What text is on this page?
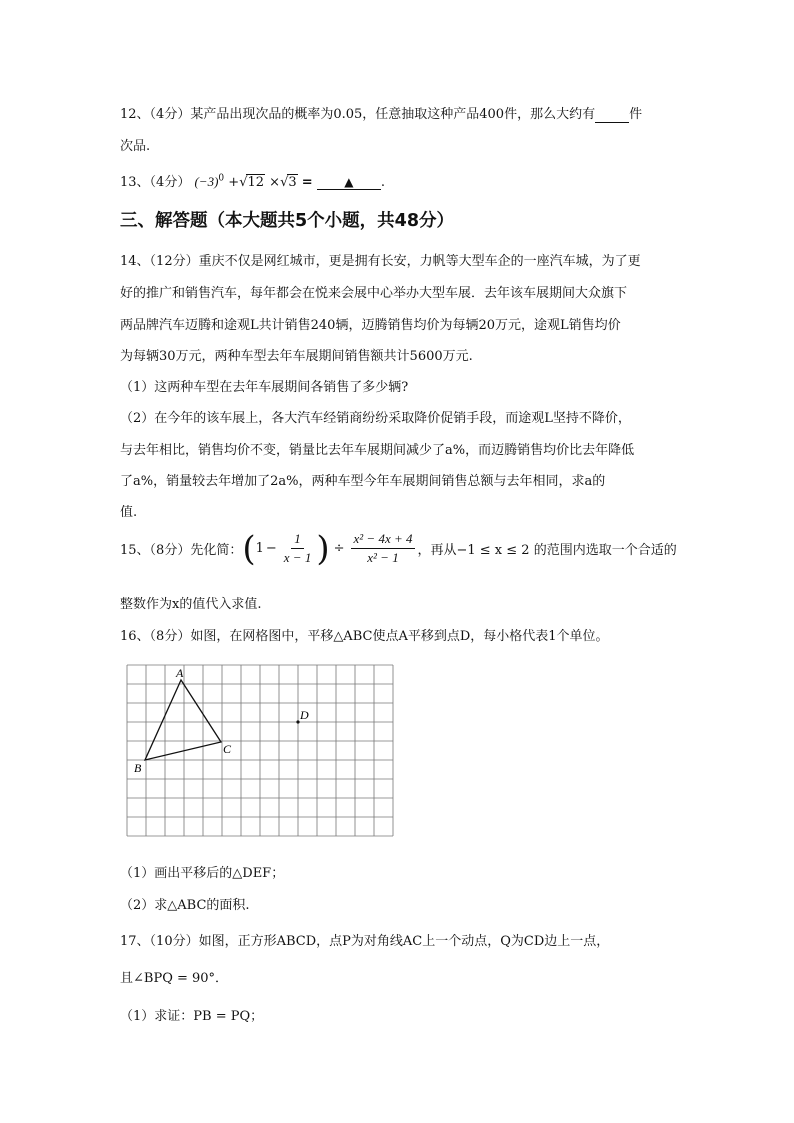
12、（4分）某产品出现次品的概率为0.05，任意抽取这种产品400件，那么大约有	件
次品.
13、（4分） $(-3)^0 +√12 \times√3$ =	▲ .
三、解答题（本大题共5个小题，共48分）
14、（12分）重庆不仅是网红城市，更是拥有长安，力帆等大型车企的一座汽车城，为了更
好的推广和销售汽车，每年都会在悦来会展中心举办大型车展．去年该车展期间大众旗下
两品牌汽车迈腾和途观L共计销售240辆，迈腾销售均价为每辆20万元，途观L销售均价
为每辆30万元，两种车型去年车展期间销售额共计5600万元.
（1）这两种车型在去年车展期间各销售了多少辆?
（2）在今年的该车展上，各大汽车经销商纷纷采取降价促销手段，而途观L坚持不降价，
与去年相比，销售均价不变，销量比去年车展期间减少了a%，而迈腾销售均价比去年降低
了a%，销量较去年增加了2a%，两种车型今年车展期间销售总额与去年相同，求a的
值.
15、（8分）先化简： ( $1 - \frac{1}{x - 1}$ ) ÷ $\frac{\text{x² − 4x + 4}}{\text{x² − 1}}$ ，再从−1 ≤ x ≤ 2 的范围内选取一个合适的
整数作为x的值代入求值.
16、（8分）如图，在网格图中，平移△ABC使点A平移到点D，每小格代表1个单位。
A
B
C
D
（1）画出平移后的△DEF；
（2）求△ABC的面积.
17、（10分）如图，正方形ABCD，点P为对角线AC上一个动点，Q为CD边上一点，
且∠BPQ = 90°．
（1）求证：PB = PQ；
